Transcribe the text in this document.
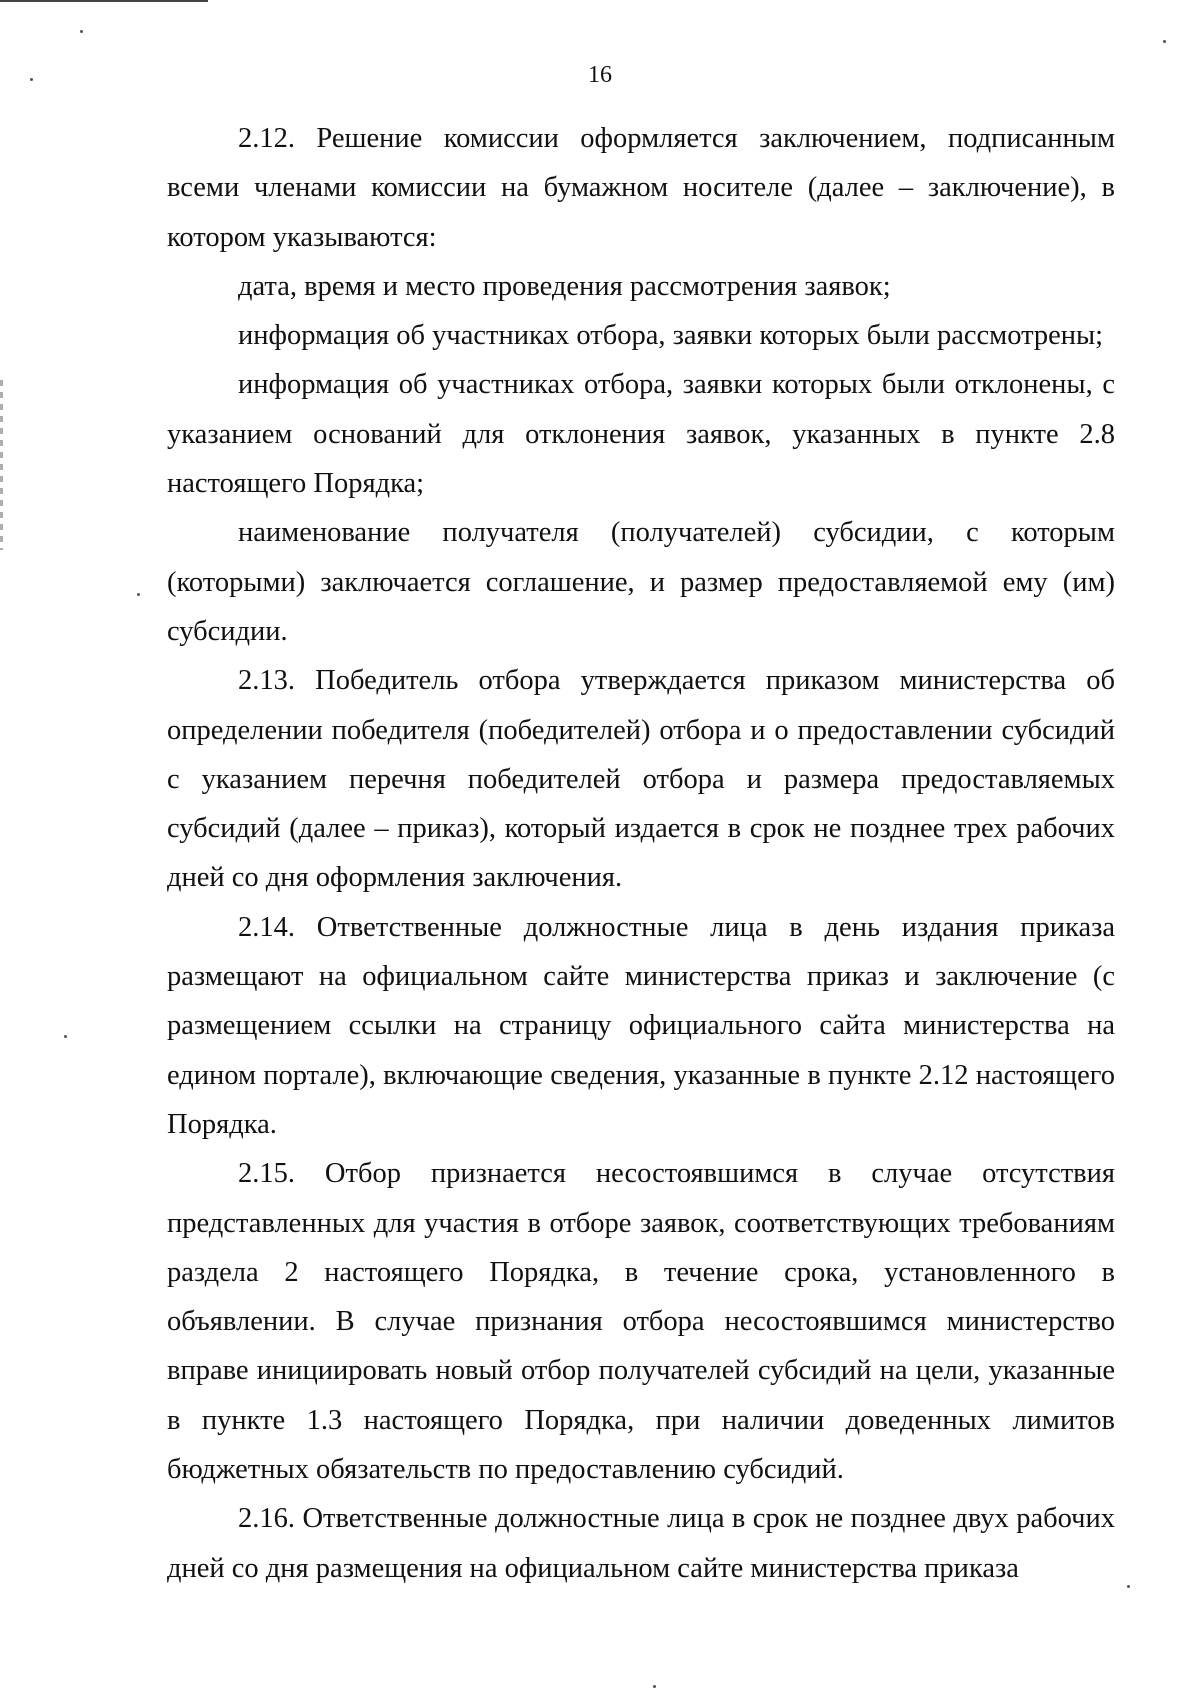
16

2.12. Решение комиссии оформляется заключением, подписанным всеми членами комиссии на бумажном носителе (далее – заключение), в котором указываются:

дата, время и место проведения рассмотрения заявок;

информация об участниках отбора, заявки которых были рассмотрены;

информация об участниках отбора, заявки которых были отклонены, с указанием оснований для отклонения заявок, указанных в пункте 2.8 настоящего Порядка;

наименование получателя (получателей) субсидии, с которым (которыми) заключается соглашение, и размер предоставляемой ему (им) субсидии.

2.13. Победитель отбора утверждается приказом министерства об определении победителя (победителей) отбора и о предоставлении субсидий с указанием перечня победителей отбора и размера предоставляемых субсидий (далее – приказ), который издается в срок не позднее трех рабочих дней со дня оформления заключения.

2.14. Ответственные должностные лица в день издания приказа размещают на официальном сайте министерства приказ и заключение (с размещением ссылки на страницу официального сайта министерства на едином портале), включающие сведения, указанные в пункте 2.12 настоящего Порядка.

2.15. Отбор признается несостоявшимся в случае отсутствия представленных для участия в отборе заявок, соответствующих требованиям раздела 2 настоящего Порядка, в течение срока, установленного в объявлении. В случае признания отбора несостоявшимся министерство вправе инициировать новый отбор получателей субсидий на цели, указанные в пункте 1.3 настоящего Порядка, при наличии доведенных лимитов бюджетных обязательств по предоставлению субсидий.

2.16. Ответственные должностные лица в срок не позднее двух рабочих дней со дня размещения на официальном сайте министерства приказа
